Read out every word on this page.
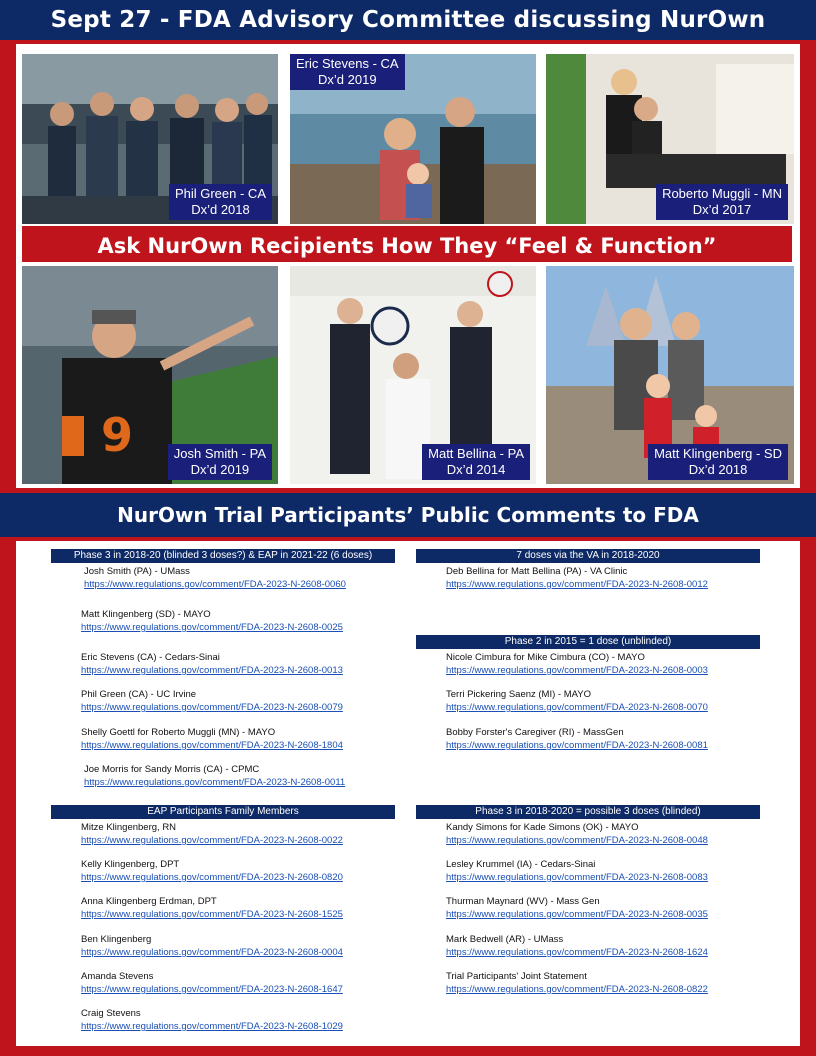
Sept 27 - FDA Advisory Committee discussing NurOwn
Phil Green - CA
Dx’d 2018
Eric Stevens - CA
Dx’d 2019
Roberto Muggli - MN
Dx’d 2017
9	Josh Smith - PA
Dx’d 2019
Matt Bellina - PA
Dx’d 2014
Matt Klingenberg - SD
Dx’d 2018
Ask NurOwn Recipients How They “Feel & Function”
NurOwn Trial Participants’ Public Comments to FDA
Phase 3 in 2018-20 (blinded 3 doses?) & EAP in 2021-22 (6 doses)
Josh Smith (PA) - UMass
https://www.regulations.gov/comment/FDA-2023-N-2608-0060
Matt Klingenberg (SD) - MAYO
https://www.regulations.gov/comment/FDA-2023-N-2608-0025
Eric Stevens (CA) - Cedars-Sinai
https://www.regulations.gov/comment/FDA-2023-N-2608-0013
Phil Green (CA) - UC Irvine
https://www.regulations.gov/comment/FDA-2023-N-2608-0079
Shelly Goettl for Roberto Muggli (MN) - MAYO
https://www.regulations.gov/comment/FDA-2023-N-2608-1804
Joe Morris for Sandy Morris (CA) - CPMC
https://www.regulations.gov/comment/FDA-2023-N-2608-0011
7 doses via the VA in 2018-2020
Deb Bellina for Matt Bellina (PA) - VA Clinic
https://www.regulations.gov/comment/FDA-2023-N-2608-0012
Phase 2 in 2015 = 1 dose (unblinded)
Nicole Cimbura for Mike Cimbura (CO) - MAYO
https://www.regulations.gov/comment/FDA-2023-N-2608-0003
Terri Pickering Saenz (MI) - MAYO
https://www.regulations.gov/comment/FDA-2023-N-2608-0070
Bobby Forster's Caregiver (RI) - MassGen
https://www.regulations.gov/comment/FDA-2023-N-2608-0081
EAP Participants Family Members
Mitze Klingenberg, RN
https://www.regulations.gov/comment/FDA-2023-N-2608-0022
Kelly Klingenberg, DPT
https://www.regulations.gov/comment/FDA-2023-N-2608-0820
Anna Klingenberg Erdman, DPT
https://www.regulations.gov/comment/FDA-2023-N-2608-1525
Ben Klingenberg
https://www.regulations.gov/comment/FDA-2023-N-2608-0004
Amanda Stevens
https://www.regulations.gov/comment/FDA-2023-N-2608-1647
Craig Stevens
https://www.regulations.gov/comment/FDA-2023-N-2608-1029
Phase 3 in 2018-2020 = possible 3 doses (blinded)
Kandy Simons for Kade Simons (OK) - MAYO
https://www.regulations.gov/comment/FDA-2023-N-2608-0048
Lesley Krummel (IA) - Cedars-Sinai
https://www.regulations.gov/comment/FDA-2023-N-2608-0083
Thurman Maynard (WV) - Mass Gen
https://www.regulations.gov/comment/FDA-2023-N-2608-0035
Mark Bedwell (AR) - UMass
https://www.regulations.gov/comment/FDA-2023-N-2608-1624
Trial Participants' Joint Statement
https://www.regulations.gov/comment/FDA-2023-N-2608-0822
